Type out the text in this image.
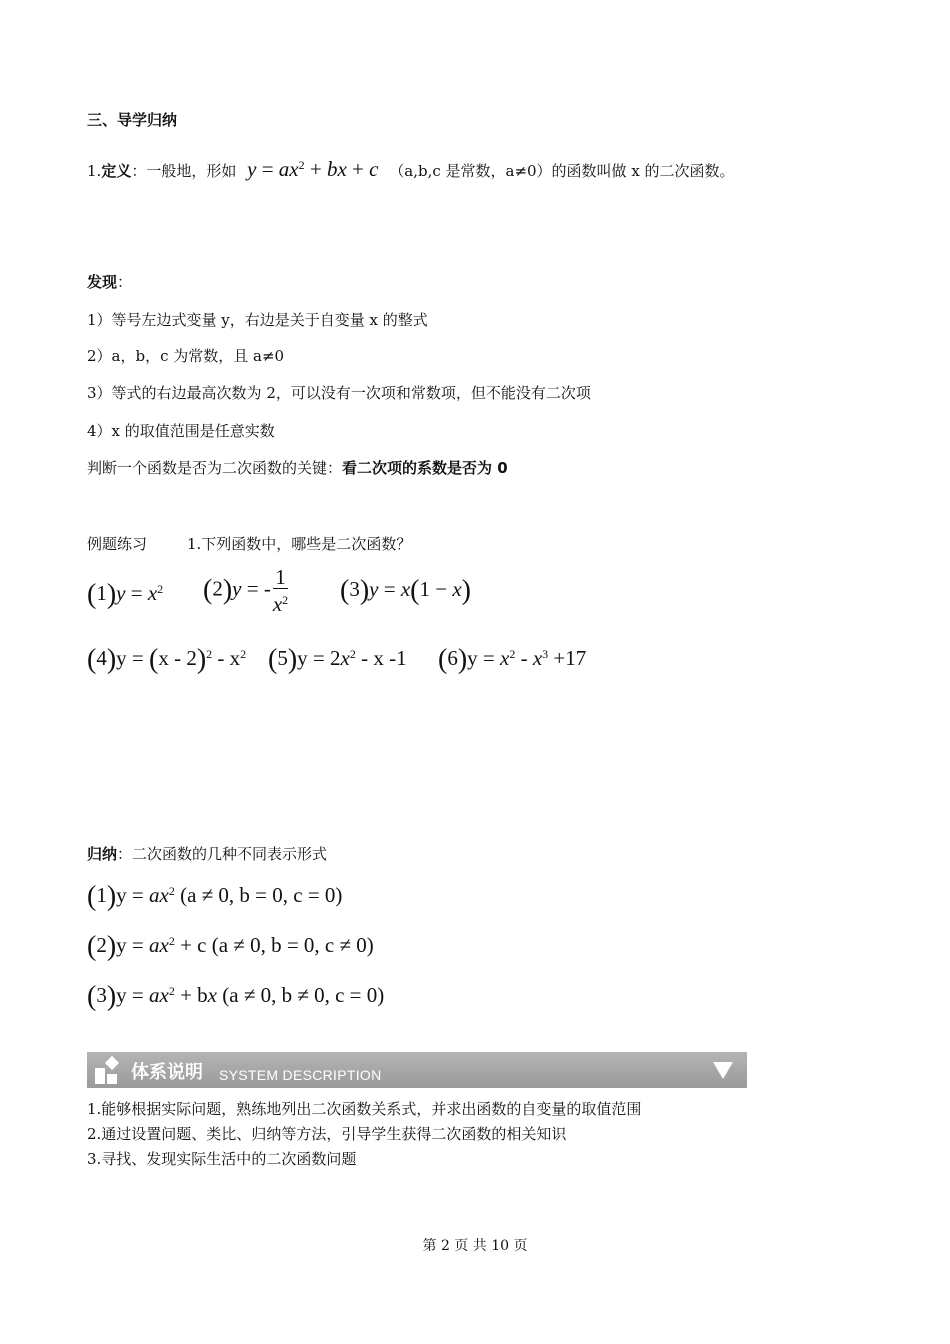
三、导学归纳
1.定义：一般地，形如 $y = ax^2$ + bx + c （a,b,c 是常数，a≠0）的函数叫做 x 的二次函数。
发现：
1）等号左边式变量 y，右边是关于自变量 x 的整式
2）a，b，c 为常数，且 a≠0
3）等式的右边最高次数为 2，可以没有一次项和常数项，但不能没有二次项
4）x 的取值范围是任意实数
判断一个函数是否为二次函数的关键：看二次项的系数是否为 0
例题练习	1.下列函数中，哪些是二次函数？
$(1)y = x^2$ (2)y = - $\frac{1}{x^2} (3)y = x(1 - x)$
$(4)y = (x - 2)^2 - x^2$ $(5)y = 2x^2 - x$ -1 $(6)y = x^2 - x^3 +17$
归纳：二次函数的几种不同表示形式
$(1)y = ax^2$ (a ≠ 0, b = 0, c = 0)
$(2)y = ax^2 + c$ (a ≠ 0, b = 0, c ≠ 0)
$(3)y = ax^2$ + bx (a ≠ 0, b ≠ 0, c = 0)
体系说明 SYSTEM DESCRIPTION
1.能够根据实际问题，熟练地列出二次函数关系式，并求出函数的自变量的取值范围
2.通过设置问题、类比、归纳等方法，引导学生获得二次函数的相关知识
3.寻找、发现实际生活中的二次函数问题
第 2 页 共 10 页
